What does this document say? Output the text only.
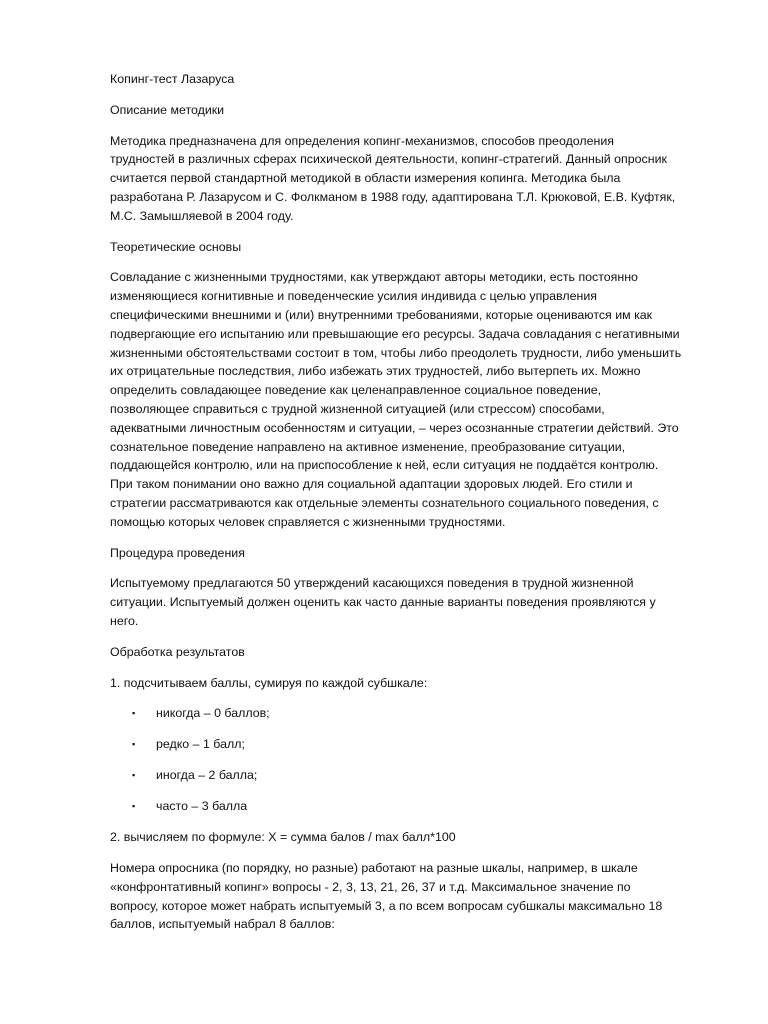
Копинг-тест Лазаруса
Описание методики
Методика предназначена для определения копинг-механизмов, способов преодоления
трудностей в различных сферах психической деятельности, копинг-стратегий. Данный опросник
считается первой стандартной методикой в области измерения копинга. Методика была
разработана Р. Лазарусом и С. Фолкманом в 1988 году, адаптирована Т.Л. Крюковой, Е.В. Куфтяк,
М.С. Замышляевой в 2004 году.
Теоретические основы
Совладание с жизненными трудностями, как утверждают авторы методики, есть постоянно
изменяющиеся когнитивные и поведенческие усилия индивида с целью управления
специфическими внешними и (или) внутренними требованиями, которые оцениваются им как
подвергающие его испытанию или превышающие его ресурсы. Задача совладания с негативными
жизненными обстоятельствами состоит в том, чтобы либо преодолеть трудности, либо уменьшить
их отрицательные последствия, либо избежать этих трудностей, либо вытерпеть их. Можно
определить совладающее поведение как целенаправленное социальное поведение,
позволяющее справиться с трудной жизненной ситуацией (или стрессом) способами,
адекватными личностным особенностям и ситуации, – через осознанные стратегии действий. Это
сознательное поведение направлено на активное изменение, преобразование ситуации,
поддающейся контролю, или на приспособление к ней, если ситуация не поддаётся контролю.
При таком понимании оно важно для социальной адаптации здоровых людей. Его стили и
стратегии рассматриваются как отдельные элементы сознательного социального поведения, с
помощью которых человек справляется с жизненными трудностями.
Процедура проведения
Испытуемому предлагаются 50 утверждений касающихся поведения в трудной жизненной
ситуации. Испытуемый должен оценить как часто данные варианты поведения проявляются у
него.
Обработка результатов
1. подсчитываем баллы, сумируя по каждой субшкале:
▪ никогда – 0 баллов;
▪ редко – 1 балл;
▪ иногда – 2 балла;
▪ часто – 3 балла
2. вычисляем по формуле: Х = сумма балов / max балл*100
Номера опросника (по порядку, но разные) работают на разные шкалы, например, в шкале
«конфронтативный копинг» вопросы - 2, 3, 13, 21, 26, 37 и т.д. Максимальное значение по
вопросу, которое может набрать испытуемый 3, а по всем вопросам субшкалы максимально 18
баллов, испытуемый набрал 8 баллов:
